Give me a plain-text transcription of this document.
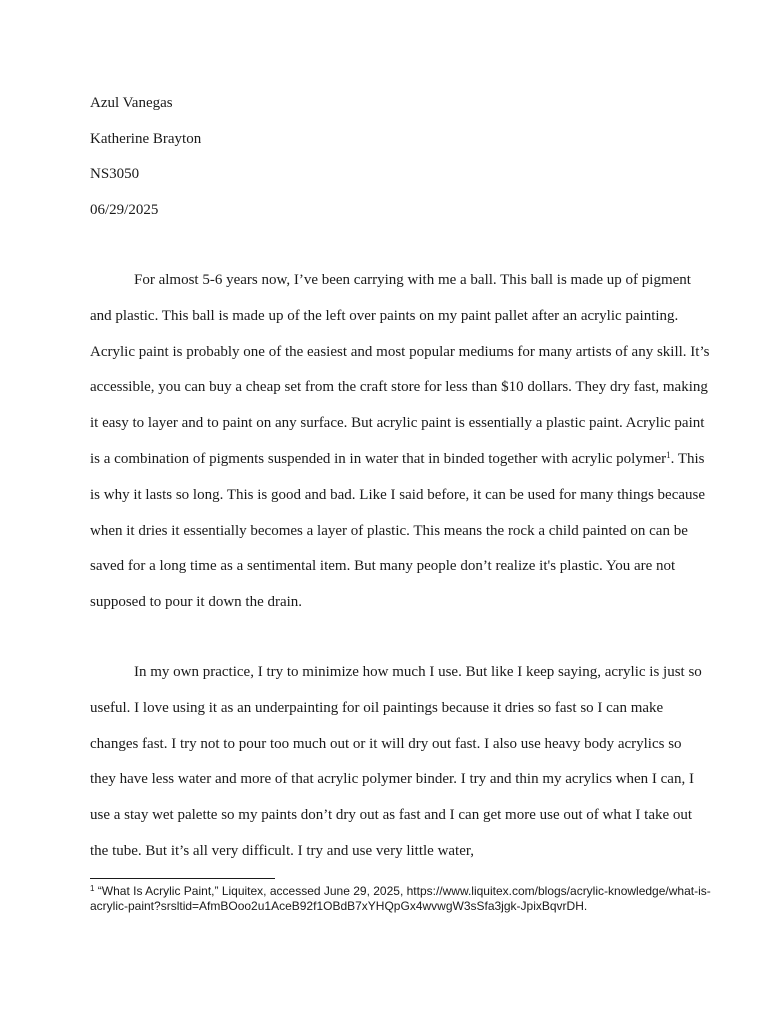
Azul Vanegas
Katherine Brayton
NS3050
06/29/2025

For almost 5-6 years now, I’ve been carrying with me a ball. This ball is made up of pigment and plastic. This ball is made up of the left over paints on my paint pallet after an acrylic painting. Acrylic paint is probably one of the easiest and most popular mediums for many artists of any skill. It’s accessible, you can buy a cheap set from the craft store for less than $10 dollars. They dry fast, making it easy to layer and to paint on any surface. But acrylic paint is essentially a plastic paint. Acrylic paint is a combination of pigments suspended in in water that in binded together with acrylic polymer$^1$. This is why it lasts so long. This is good and bad. Like I said before, it can be used for many things because when it dries it essentially becomes a layer of plastic. This means the rock a child painted on can be saved for a long time as a sentimental item. But many people don’t realize it's plastic. You are not supposed to pour it down the drain.

In my own practice, I try to minimize how much I use. But like I keep saying, acrylic is just so useful. I love using it as an underpainting for oil paintings because it dries so fast so I can make changes fast. I try not to pour too much out or it will dry out fast. I also use heavy body acrylics so they have less water and more of that acrylic polymer binder. I try and thin my acrylics when I can, I use a stay wet palette so my paints don’t dry out as fast and I can get more use out of what I take out the tube. But it’s all very difficult. I try and use very little water,

$^1$ “What Is Acrylic Paint,” Liquitex, accessed June 29, 2025, https://www.liquitex.com/blogs/acrylic-knowledge/what-is-acrylic-paint?srsltid=AfmBOoo2u1AceB92f1OBdB7xYHQpGx4wvwgW3sSfa3jgk-JpixBqvrDH.
